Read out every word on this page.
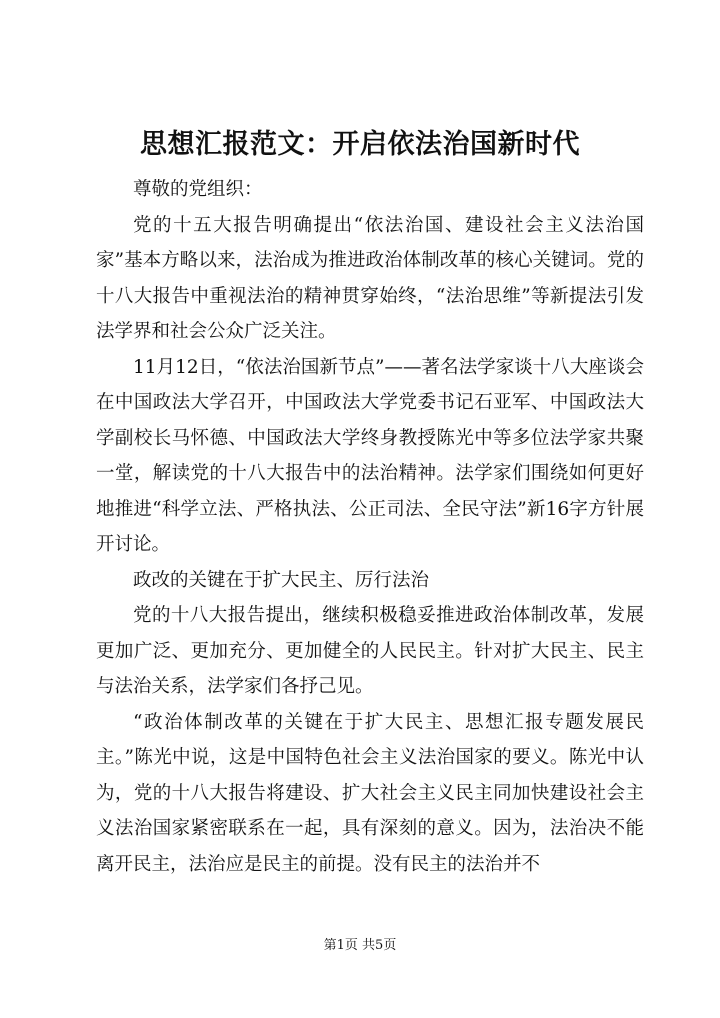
思想汇报范文：开启依法治国新时代

尊敬的党组织：

党的十五大报告明确提出“依法治国、建设社会主义法治国家”基本方略以来，法治成为推进政治体制改革的核心关键词。党的十八大报告中重视法治的精神贯穿始终，“法治思维”等新提法引发法学界和社会公众广泛关注。

11月12日，“依法治国新节点”——著名法学家谈十八大座谈会在中国政法大学召开，中国政法大学党委书记石亚军、中国政法大学副校长马怀德、中国政法大学终身教授陈光中等多位法学家共聚一堂，解读党的十八大报告中的法治精神。法学家们围绕如何更好地推进“科学立法、严格执法、公正司法、全民守法”新16字方针展开讨论。

政改的关键在于扩大民主、厉行法治

党的十八大报告提出，继续积极稳妥推进政治体制改革，发展更加广泛、更加充分、更加健全的人民民主。针对扩大民主、民主与法治关系，法学家们各抒己见。

“政治体制改革的关键在于扩大民主、思想汇报专题发展民主。”陈光中说，这是中国特色社会主义法治国家的要义。陈光中认为，党的十八大报告将建设、扩大社会主义民主同加快建设社会主义法治国家紧密联系在一起，具有深刻的意义。因为，法治决不能离开民主，法治应是民主的前提。没有民主的法治并不

第1页 共5页
